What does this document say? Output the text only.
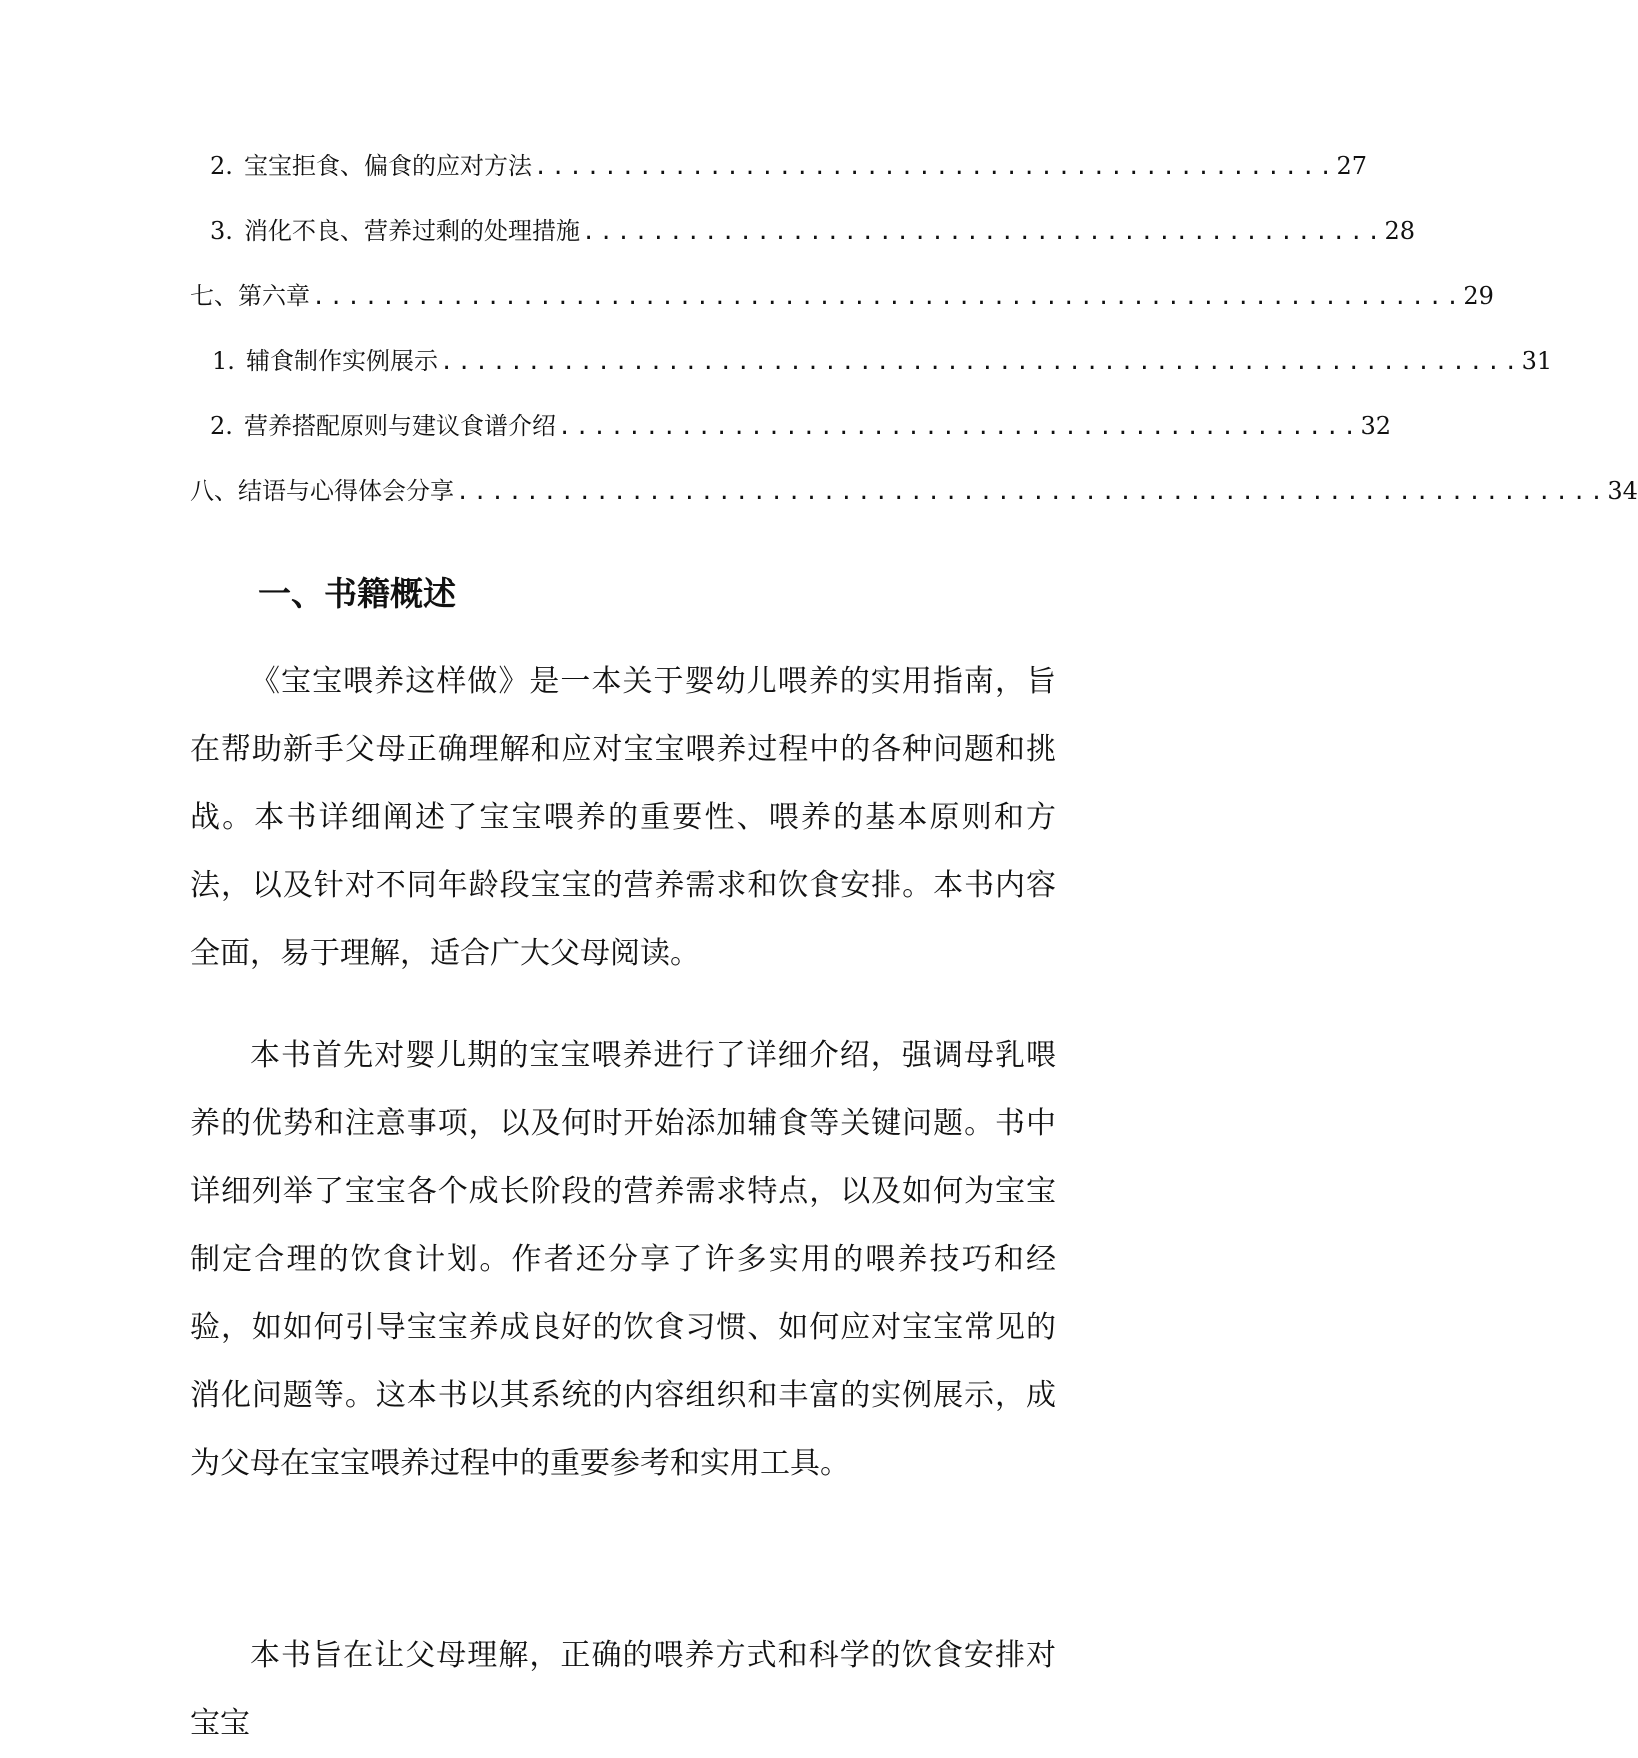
2. 宝宝拒食、偏食的应对方法 .............................................. 27
3. 消化不良、营养过剩的处理措施 .............................................. 28
七、第六章 .................................................................. 29
1. 辅食制作实例展示 .............................................................. 31
2. 营养搭配原则与建议食谱介绍 .............................................. 32
八、结语与心得体会分享 .................................................................. 34
一、书籍概述

《宝宝喂养这样做》是一本关于婴幼儿喂养的实用指南，旨在帮助新手父母正确理解和应对宝宝喂养过程中的各种问题和挑战。本书详细阐述了宝宝喂养的重要性、喂养的基本原则和方法，以及针对不同年龄段宝宝的营养需求和饮食安排。本书内容全面，易于理解，适合广大父母阅读。

本书首先对婴儿期的宝宝喂养进行了详细介绍，强调母乳喂养的优势和注意事项，以及何时开始添加辅食等关键问题。书中详细列举了宝宝各个成长阶段的营养需求特点，以及如何为宝宝制定合理的饮食计划。作者还分享了许多实用的喂养技巧和经验，如如何引导宝宝养成良好的饮食习惯、如何应对宝宝常见的消化问题等。这本书以其系统的内容组织和丰富的实例展示，成为父母在宝宝喂养过程中的重要参考和实用工具。

本书旨在让父母理解，正确的喂养方式和科学的饮食安排对宝宝
